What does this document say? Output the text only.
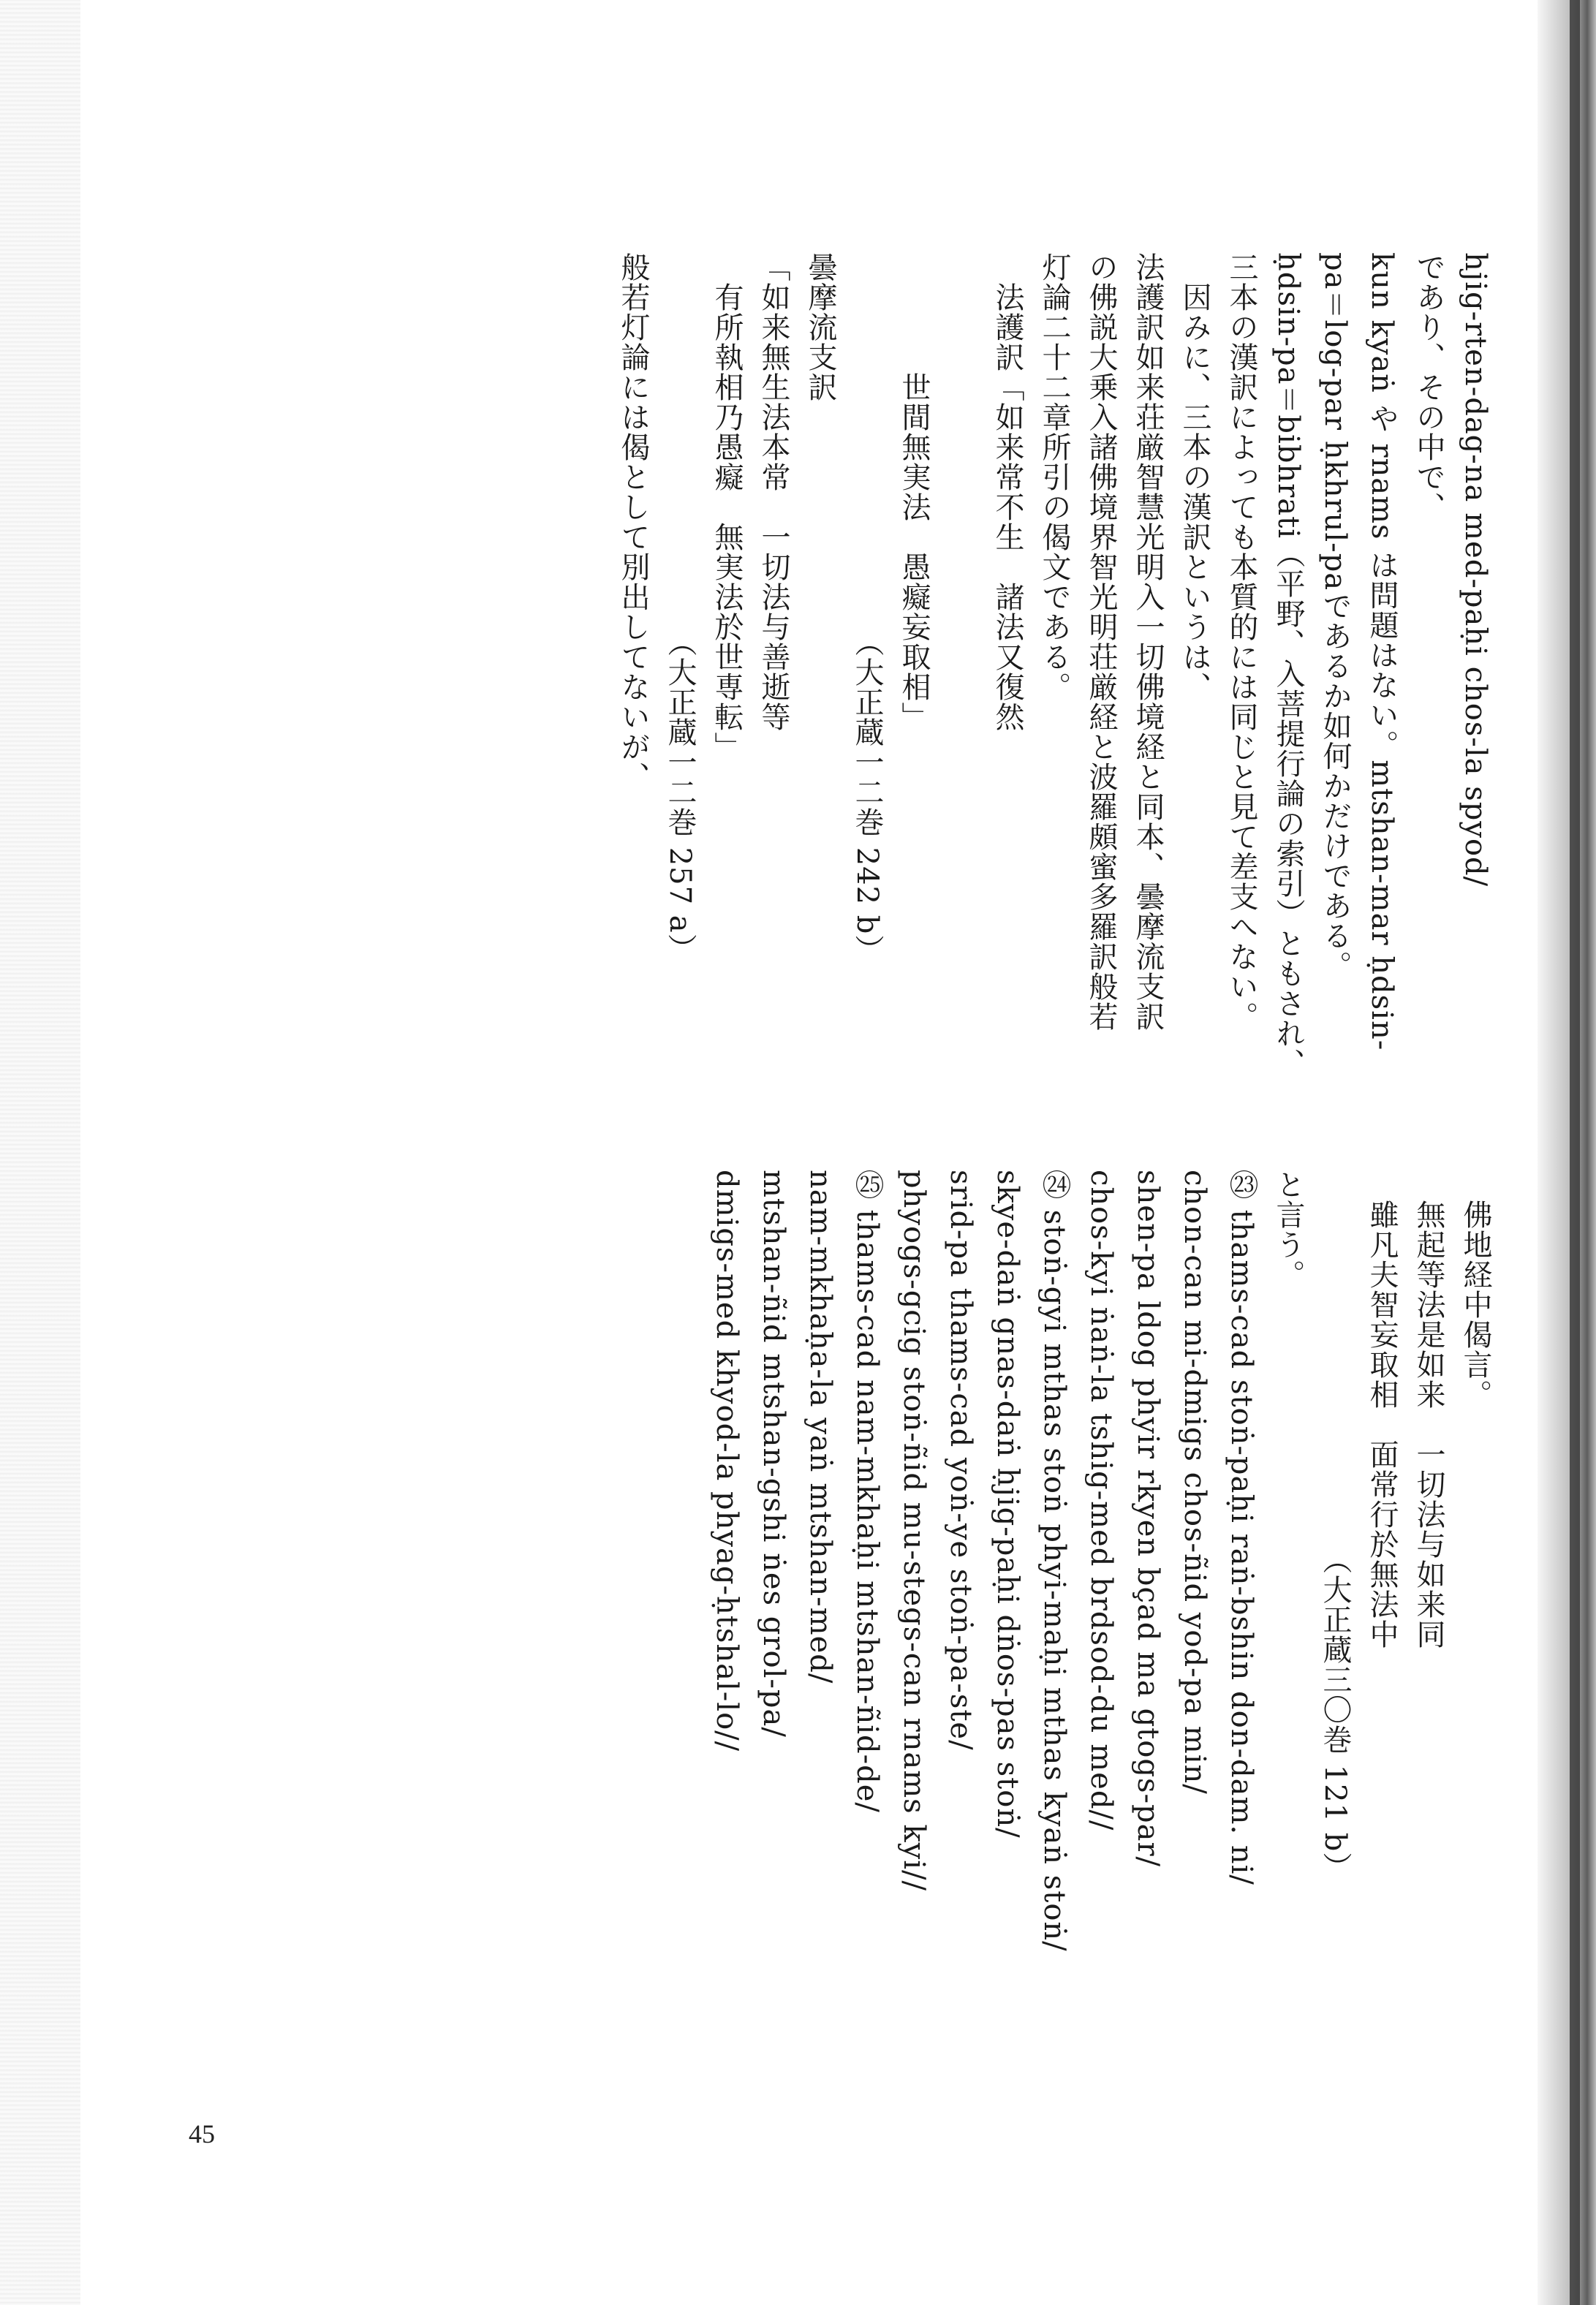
hjig-rten-dag-na med-paḥi chos-la spyod/
であり、その中で、
kun kyaṅ や rnams は問題はない。mtshan-mar ḥdsin-
pa＝log-par ḥkhrul-paであるか如何かだけである。
ḥdsin-pa＝bibhrati（平野、入菩提行論の索引）ともされ、
三本の漢訳によっても本質的には同じと見て差支へない。
　因みに、三本の漢訳というは、
法護訳如来荘厳智慧光明入一切佛境経と同本、曇摩流支訳
の佛説大乗入諸佛境界智光明荘厳経と波羅頗蜜多羅訳般若
灯論二十二章所引の偈文である。
　法護訳「如来常不生　諸法又復然

　　　　世間無実法　愚癡妄取相」
　　　　　　　　　　　　　（大正蔵一二巻 242 b）
曇摩流支訳
「如来無生法本常　一切法与善逝等
　有所執相乃愚癡　無実法於世専転」
　　　　　　　　　　　　　（大正蔵一二巻 257 a）
般若灯論には偈として別出してないが、
　佛地経中偈言。
　無起等法是如来　一切法与如来同
　雖凡夫智妄取相　面常行於無法中
　　　　　　　　　　　　　（大正蔵三〇巻 121 b）
と言う。
㉓ thams-cad stoṅ-paḥi raṅ-bshin don-dam. ni/
chon-can mi-dmigs chos-ñid yod-pa min/
shen-pa ldog phyir rkyen bçad ma gtogs-par/
chos-kyi ṅaṅ-la tshig-med brdsod-du med//
㉔ stoṅ-gyi mthas stoṅ phyi-maḥi mthas kyaṅ stoṅ/
skye-daṅ gnas-daṅ ḥjig-paḥi dṅos-pas stoṅ/
srid-pa thams-cad yoṅ-ye stoṅ-pa-ste/
phyogs-gcig stoṅ-ñid mu-stegs-can rnams kyi//
㉕ thams-cad nam-mkhaḥi mtshan-ñid-de/
nam-mkhaḥa-la yaṅ mtshan-med/
mtshan-ñid mtshan-gshi ṅes grol-pa/
dmigs-med khyod-la phyag-ḥtshal-lo//
45
